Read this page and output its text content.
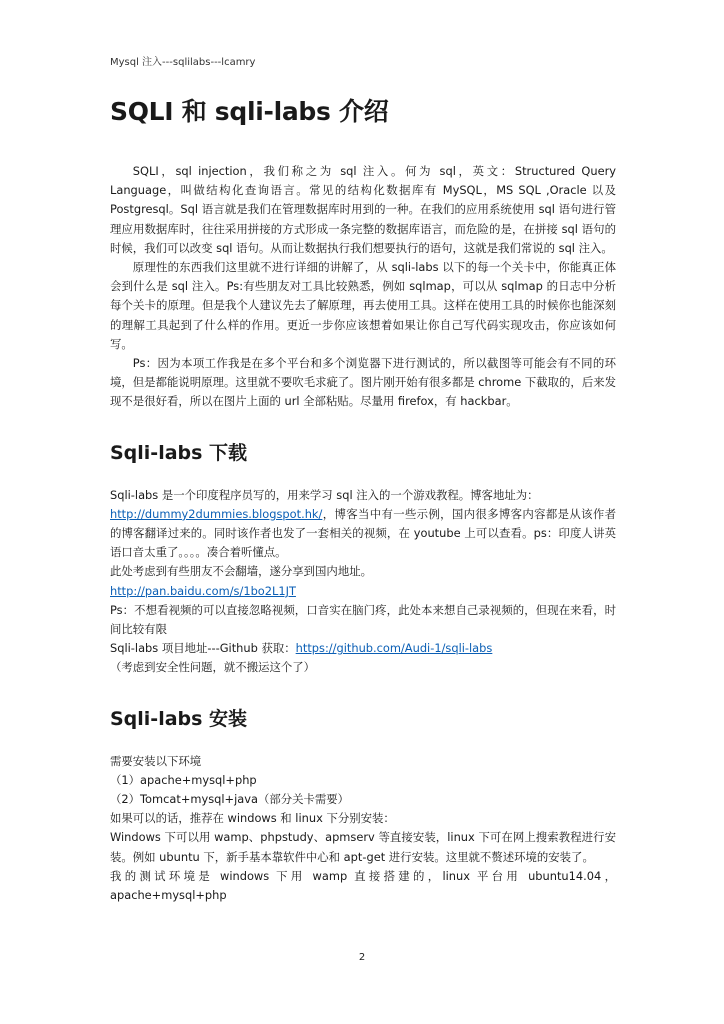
Mysql 注入---sqlilabs---lcamry
SQLI 和 sqli-labs 介绍

SQLI，sql injection，我们称之为 sql 注入。何为 sql，英文：Structured Query Language，叫做结构化查询语言。常见的结构化数据库有 MySQL，MS SQL ,Oracle 以及 Postgresql。Sql 语言就是我们在管理数据库时用到的一种。在我们的应用系统使用 sql 语句进行管理应用数据库时，往往采用拼接的方式形成一条完整的数据库语言，而危险的是，在拼接 sql 语句的时候，我们可以改变 sql 语句。从而让数据执行我们想要执行的语句，这就是我们常说的 sql 注入。

原理性的东西我们这里就不进行详细的讲解了，从 sqli-labs 以下的每一个关卡中，你能真正体会到什么是 sql 注入。Ps:有些朋友对工具比较熟悉，例如 sqlmap，可以从 sqlmap 的日志中分析每个关卡的原理。但是我个人建议先去了解原理，再去使用工具。这样在使用工具的时候你也能深刻的理解工具起到了什么样的作用。更近一步你应该想着如果让你自己写代码实现攻击，你应该如何写。

Ps：因为本项工作我是在多个平台和多个浏览器下进行测试的，所以截图等可能会有不同的环境，但是都能说明原理。这里就不要吹毛求疵了。图片刚开始有很多都是 chrome 下截取的，后来发现不是很好看，所以在图片上面的 url 全部粘贴。尽量用 firefox，有 hackbar。

Sqli-labs 下载

Sqli-labs 是一个印度程序员写的，用来学习 sql 注入的一个游戏教程。博客地址为：

http://dummy2dummies.blogspot.hk/，博客当中有一些示例，国内很多博客内容都是从该作者的博客翻译过来的。同时该作者也发了一套相关的视频，在 youtube 上可以查看。ps：印度人讲英语口音太重了。。。。凑合着听懂点。

此处考虑到有些朋友不会翻墙，遂分享到国内地址。

http://pan.baidu.com/s/1bo2L1JT

Ps：不想看视频的可以直接忽略视频，口音实在脑门疼，此处本来想自己录视频的，但现在来看，时间比较有限

Sqli-labs 项目地址---Github 获取：https://github.com/Audi-1/sqli-labs

（考虑到安全性问题，就不搬运这个了）

Sqli-labs 安装

需要安装以下环境

（1）apache+mysql+php

（2）Tomcat+mysql+java（部分关卡需要）

如果可以的话，推荐在 windows 和 linux 下分别安装：

Windows 下可以用 wamp、phpstudy、apmserv 等直接安装，linux 下可在网上搜索教程进行安装。例如 ubuntu 下，新手基本靠软件中心和 apt-get 进行安装。这里就不赘述环境的安装了。

我的测试环境是 windows 下用 wamp 直接搭建的，linux 平台用 ubuntu14.04，apache+mysql+php

2
